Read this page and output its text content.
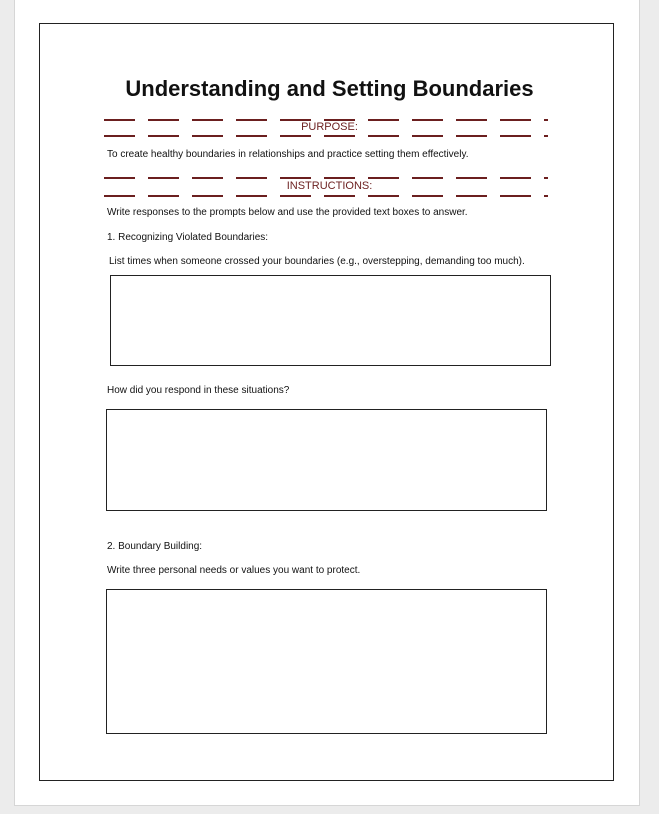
Understanding and Setting Boundaries
PURPOSE:
To create healthy boundaries in relationships and practice setting them effectively.
INSTRUCTIONS:
Write responses to the prompts below and use the provided text boxes to answer.
1. Recognizing Violated Boundaries:
List times when someone crossed your boundaries (e.g., overstepping, demanding too much).
How did you respond in these situations?
2. Boundary Building:
Write three personal needs or values you want to protect.
